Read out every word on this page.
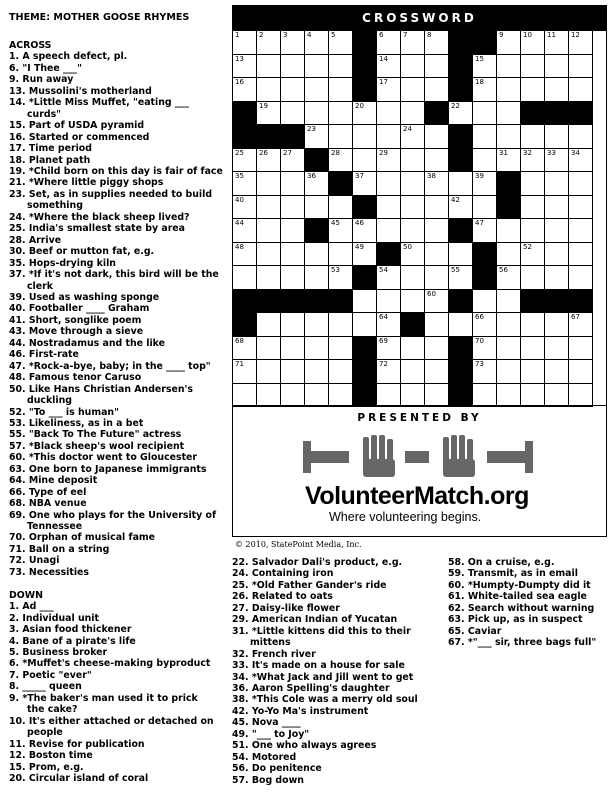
THEME: MOTHER GOOSE RHYMES
ACROSS
1. A speech defect, pl.
6. "I Thee ___"
9. Run away
13. Mussolini's motherland
14. *Little Miss Muffet, "eating ___
curds"
15. Part of USDA pyramid
16. Started or commenced
17. Time period
18. Planet path
19. *Child born on this day is fair of face
21. *Where little piggy shops
23. Set, as in supplies needed to build
something
24. *Where the black sheep lived?
25. India's smallest state by area
28. Arrive
30. Beef or mutton fat, e.g.
35. Hops-drying kiln
37. *If it's not dark, this bird will be the
clerk
39. Used as washing sponge
40. Footballer ____ Graham
41. Short, songlike poem
43. Move through a sieve
44. Nostradamus and the like
46. First-rate
47. *Rock-a-bye, baby; in the ____ top"
48. Famous tenor Caruso
50. Like Hans Christian Andersen's
duckling
52. "To ___ is human"
53. Likeliness, as in a bet
55. "Back To The Future" actress
57. *Black sheep's wool recipient
60. *This doctor went to Gloucester
63. One born to Japanese immigrants
64. Mine deposit
66. Type of eel
68. NBA venue
69. One who plays for the University of
Tennessee
70. Orphan of musical fame
71. Ball on a string
72. Unagi
73. Necessities
DOWN
1. Ad ___
2. Individual unit
3. Asian food thickener
4. Bane of a pirate's life
5. Business broker
6. *Muffet's cheese-making byproduct
7. Poetic "ever"
8. _____ queen
9. *The baker's man used it to prick
the cake?
10. It's either attached or detached on
people
11. Revise for publication
12. Boston time
15. Prom, e.g.
20. Circular island of coral
CROSSWORD
1	2	3	4	5	6	7	8	9	10 11 12
13	14	15
16	17	18
19	20	22
23	24
25 26 27	28	29	31 32 33 34
35	36	37	38	39
40	42
44	45 46	47
48	49	50	52
53	54	55	56
60
64	66	67
68	69	70
71	72	73
PRESENTED BY
VolunteerMatch.org
Where volunteering begins.
© 2010, StatePoint Media, Inc.
22. Salvador Dali's product, e.g.
24. Containing iron
25. *Old Father Gander's ride
26. Related to oats
27. Daisy-like flower
29. American Indian of Yucatan
31. *Little kittens did this to their
mittens
32. French river
33. It's made on a house for sale
34. *What Jack and Jill went to get
36. Aaron Spelling's daughter
38. *This Cole was a merry old soul
42. Yo-Yo Ma's instrument
45. Nova ____
49. "___ to Joy"
51. One who always agrees
54. Motored
56. Do penitence
57. Bog down
58. On a cruise, e.g.
59. Transmit, as in email
60. *Humpty-Dumpty did it
61. White-tailed sea eagle
62. Search without warning
63. Pick up, as in suspect
65. Caviar
67. *"___ sir, three bags full"
